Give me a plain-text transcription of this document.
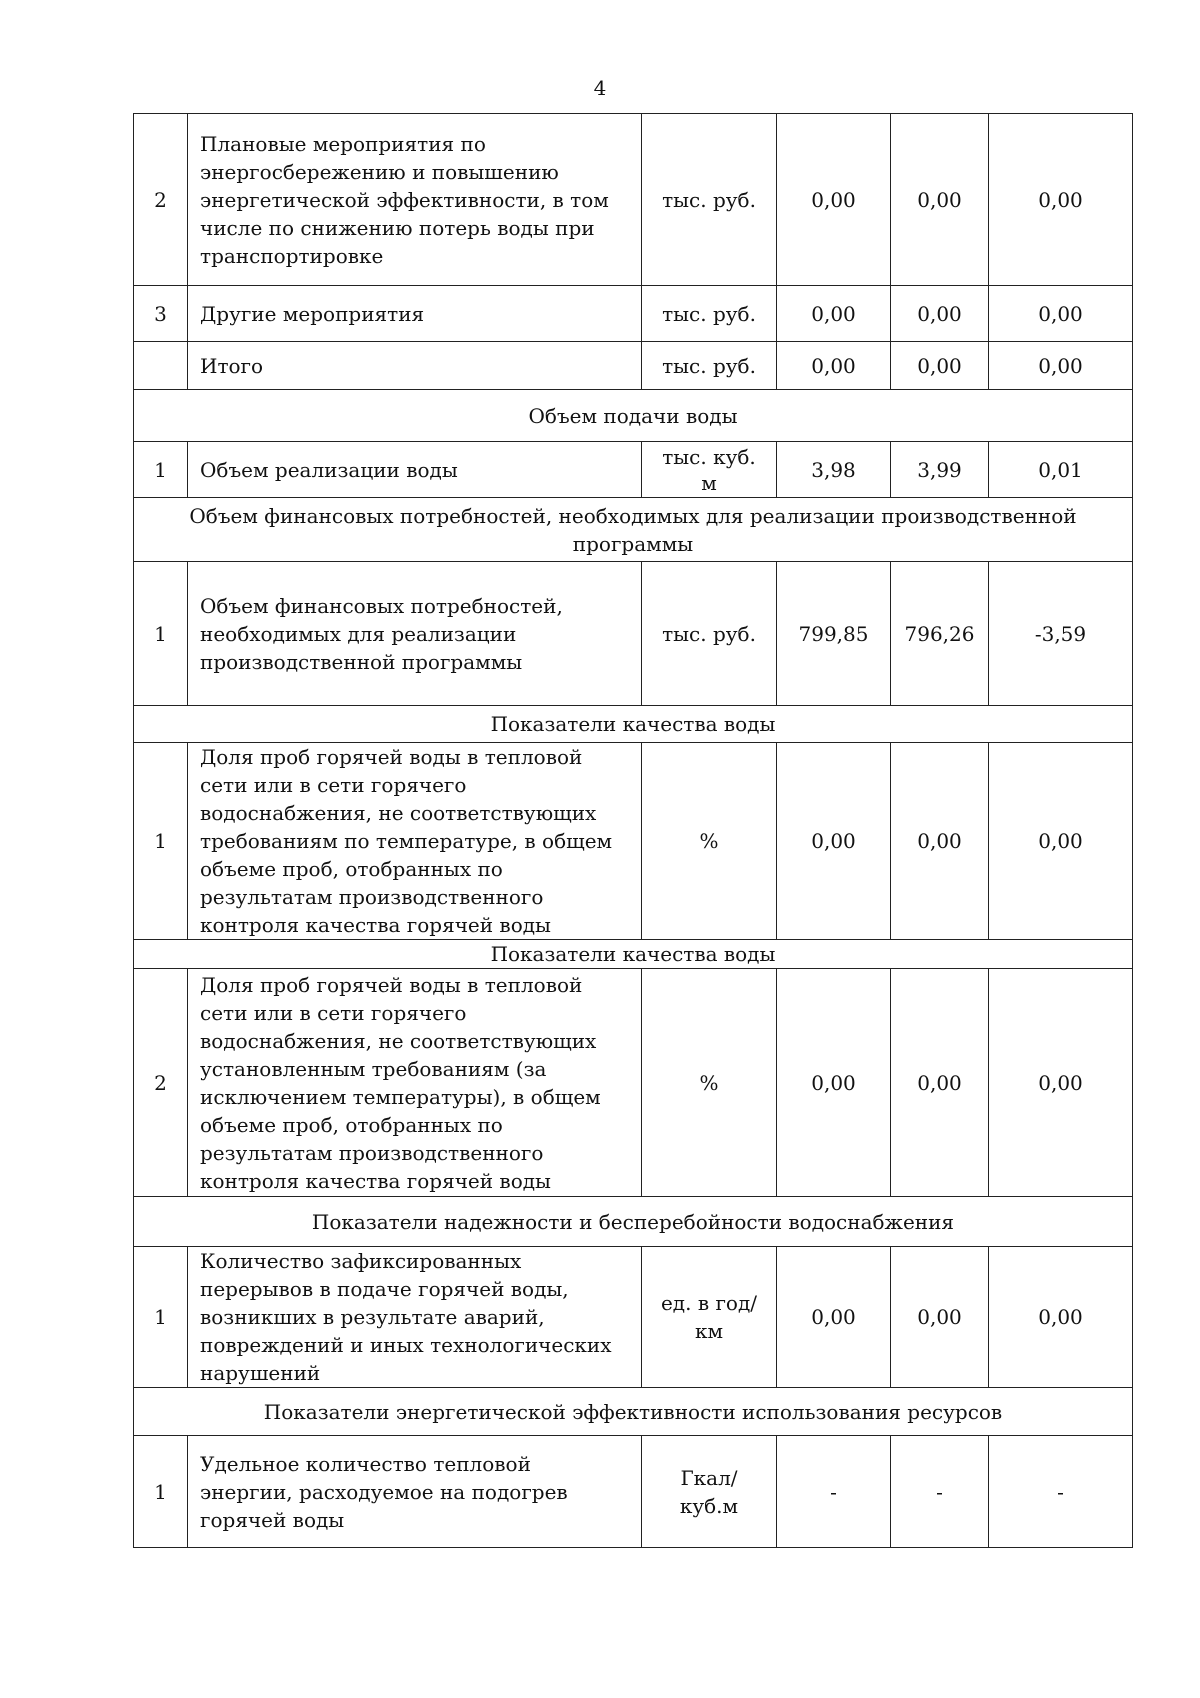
4
2	Плановые мероприятия по энергосбережению и повышению энергетической эффективности, в том числе по снижению потерь воды при транспортировке	тыс. руб.	0,00	0,00	0,00
3	Другие мероприятия	тыс. руб.	0,00	0,00	0,00
	Итого	тыс. руб.	0,00	0,00	0,00
Объем подачи воды					
1	Объем реализации воды	тыс. куб. м	3,98	3,99	0,01
Объем финансовых потребностей, необходимых для реализации производственной программы					
1	Объем финансовых потребностей, необходимых для реализации производственной программы	тыс. руб.	799,85	796,26	-3,59
Показатели качества воды					
1	Доля проб горячей воды в тепловой сети или в сети горячего водоснабжения, не соответствующих требованиям по температуре, в общем объеме проб, отобранных по результатам производственного контроля качества горячей воды	%	0,00	0,00	0,00
Показатели качества воды					
2	Доля проб горячей воды в тепловой сети или в сети горячего водоснабжения, не соответствующих установленным требованиям (за исключением температуры), в общем объеме проб, отобранных по результатам производственного контроля качества горячей воды	%	0,00	0,00	0,00
Показатели надежности и бесперебойности водоснабжения					
1	Количество зафиксированных перерывов в подаче горячей воды, возникших в результате аварий, повреждений и иных технологических нарушений	ед. в год/ км	0,00	0,00	0,00
Показатели энергетической эффективности использования ресурсов					
1	Удельное количество тепловой энергии, расходуемое на подогрев горячей воды	Гкал/куб.м	-	-	-
